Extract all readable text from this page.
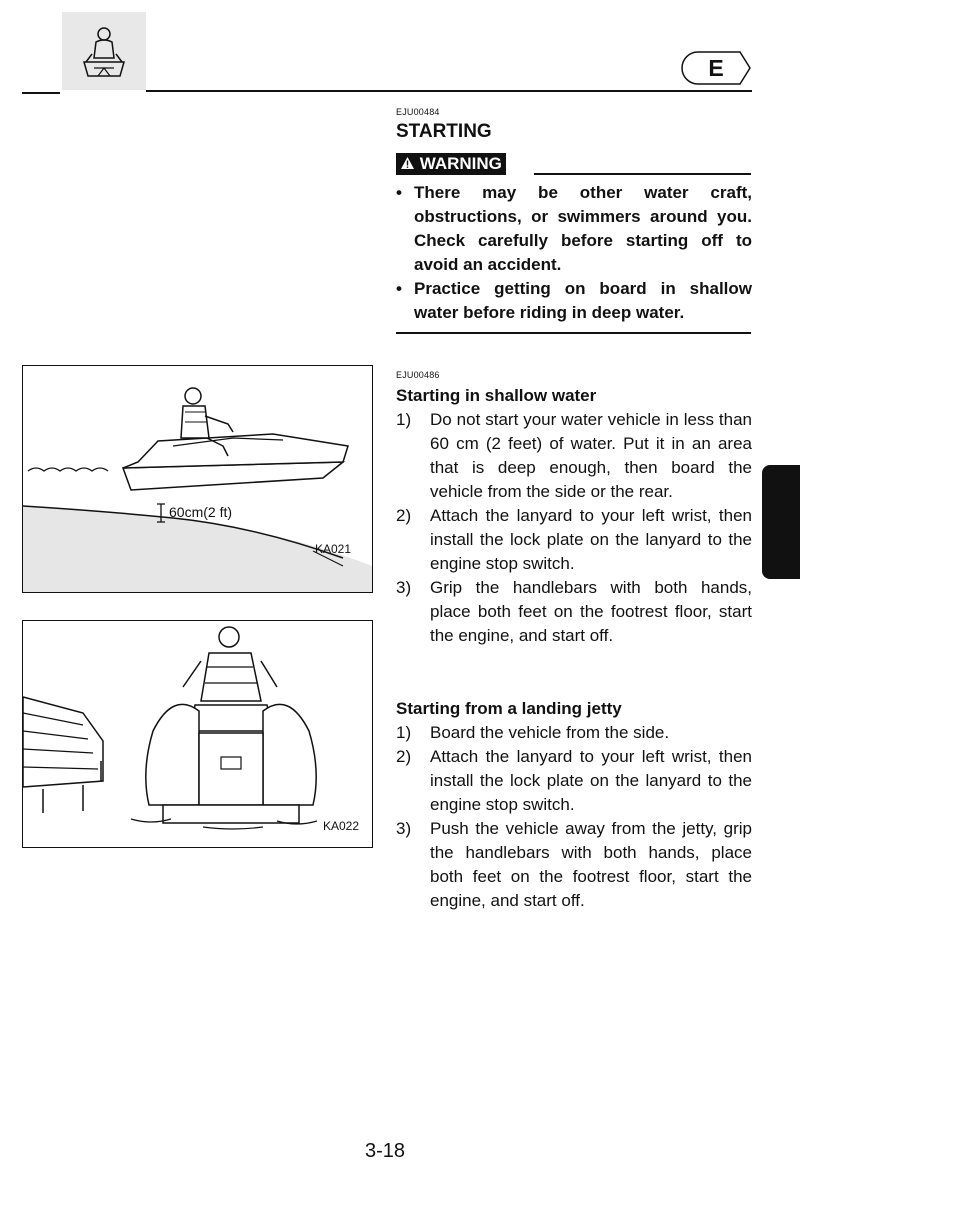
E
EJU00484
STARTING
WARNING
• There may be other water craft, obstructions, or swimmers around you. Check carefully before starting off to avoid an accident.
• Practice getting on board in shallow water before riding in deep water.
EJU00486
Starting in shallow water
1) Do not start your water vehicle in less than 60 cm (2 feet) of water. Put it in an area that is deep enough, then board the vehicle from the side or the rear.
2) Attach the lanyard to your left wrist, then install the lock plate on the lanyard to the engine stop switch.
3) Grip the handlebars with both hands, place both feet on the footrest floor, start the engine, and start off.
Starting from a landing jetty
1) Board the vehicle from the side.
2) Attach the lanyard to your left wrist, then install the lock plate on the lanyard to the engine stop switch.
3) Push the vehicle away from the jetty, grip the handlebars with both hands, place both feet on the footrest floor, start the engine, and start off.
60cm(2 ft)
KA021
KA022
3-18
